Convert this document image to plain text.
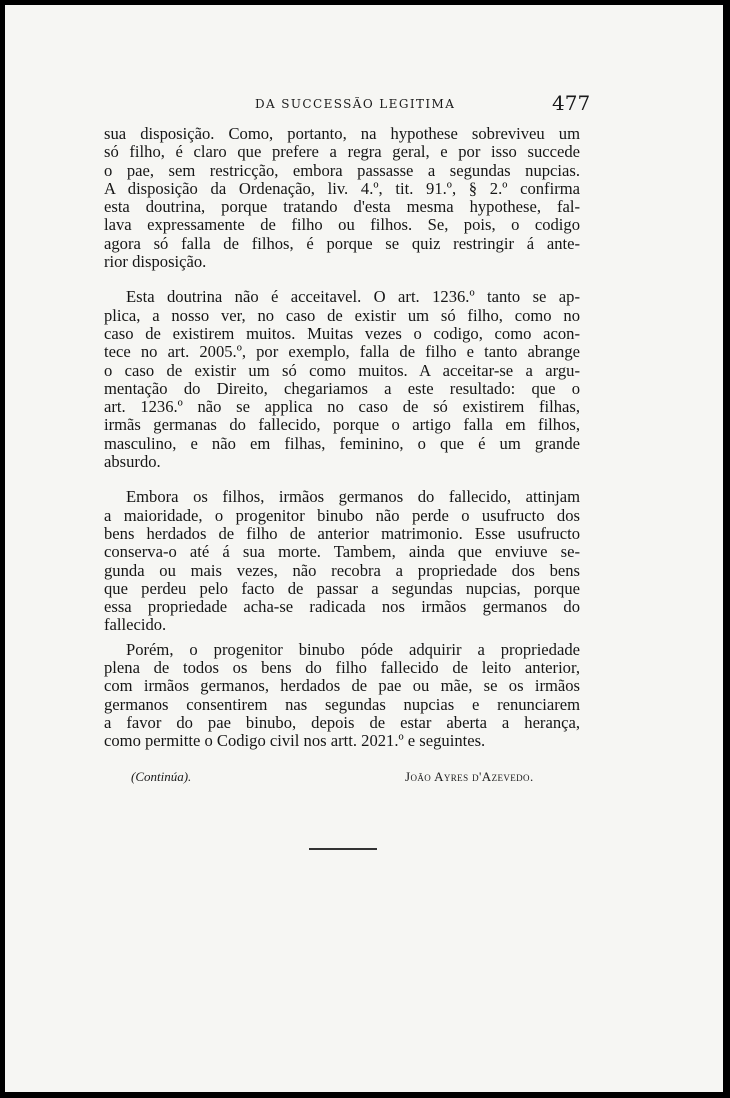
DA SUCCESSÃO LEGITIMA	477
sua disposição. Como, portanto, na hypothese sobreviveu um
só filho, é claro que prefere a regra geral, e por isso succede
o pae, sem restricção, embora passasse a segundas nupcias.
A disposição da Ordenação, liv. 4.º, tit. 91.º, § 2.º confirma
esta doutrina, porque tratando d'esta mesma hypothese, fal-
lava expressamente de filho ou filhos. Se, pois, o codigo
agora só falla de filhos, é porque se quiz restringir á ante-
rior disposição.
Esta doutrina não é acceitavel. O art. 1236.º tanto se ap-
plica, a nosso ver, no caso de existir um só filho, como no
caso de existirem muitos. Muitas vezes o codigo, como acon-
tece no art. 2005.º, por exemplo, falla de filho e tanto abrange
o caso de existir um só como muitos. A acceitar-se a argu-
mentação do Direito, chegariamos a este resultado: que o
art. 1236.º não se applica no caso de só existirem filhas,
irmãs germanas do fallecido, porque o artigo falla em filhos,
masculino, e não em filhas, feminino, o que é um grande
absurdo.
Embora os filhos, irmãos germanos do fallecido, attinjam
a maioridade, o progenitor binubo não perde o usufructo dos
bens herdados de filho de anterior matrimonio. Esse usufructo
conserva-o até á sua morte. Tambem, ainda que enviuve se-
gunda ou mais vezes, não recobra a propriedade dos bens
que perdeu pelo facto de passar a segundas nupcias, porque
essa propriedade acha-se radicada nos irmãos germanos do
fallecido.
Porém, o progenitor binubo póde adquirir a propriedade
plena de todos os bens do filho fallecido de leito anterior,
com irmãos germanos, herdados de pae ou mãe, se os irmãos
germanos consentirem nas segundas nupcias e renunciarem
a favor do pae binubo, depois de estar aberta a herança,
como permitte o Codigo civil nos artt. 2021.º e seguintes.
(Continúa).	João Ayres d'Azevedo.
